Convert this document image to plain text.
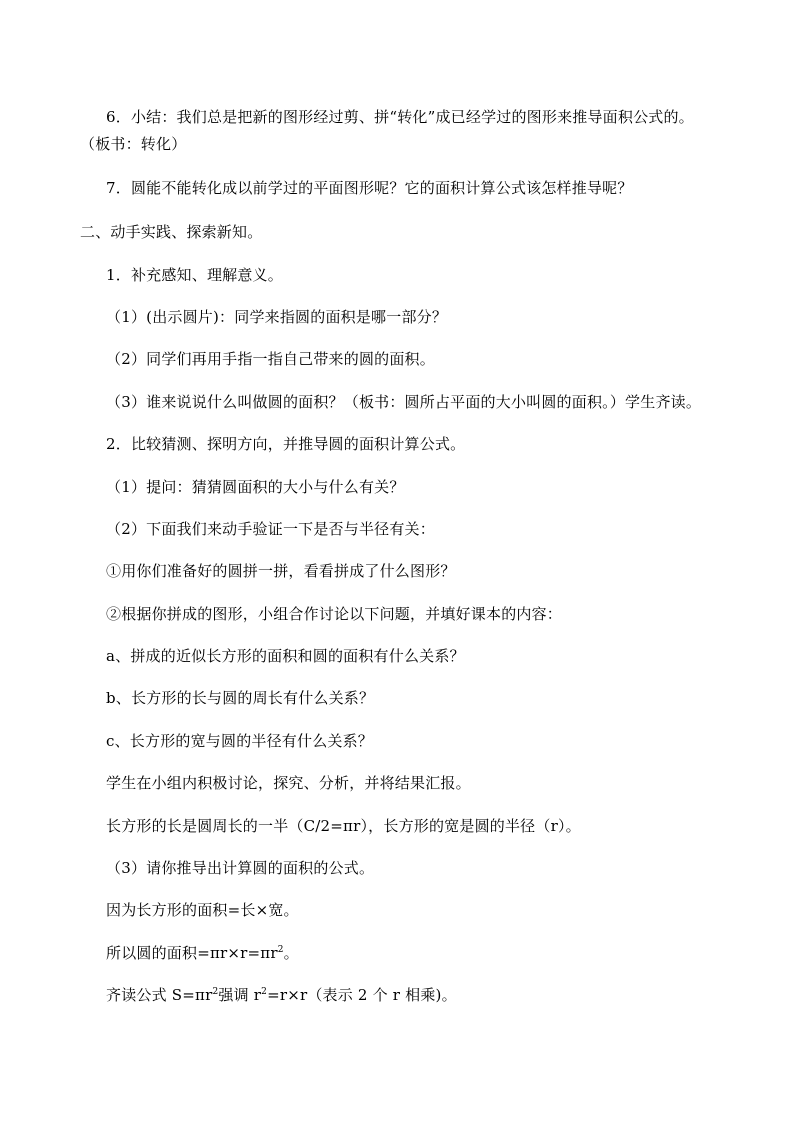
6．小结：我们总是把新的图形经过剪、拼“转化”成已经学过的图形来推导面积公式的。
（板书：转化）
7．圆能不能转化成以前学过的平面图形呢？它的面积计算公式该怎样推导呢？
二、动手实践、探索新知。
1．补充感知、理解意义。
（1）(出示圆片)：同学来指圆的面积是哪一部分？
（2）同学们再用手指一指自己带来的圆的面积。
（3）谁来说说什么叫做圆的面积？（板书：圆所占平面的大小叫圆的面积。）学生齐读。
2．比较猜测、探明方向，并推导圆的面积计算公式。
（1）提问：猜猜圆面积的大小与什么有关？
（2）下面我们来动手验证一下是否与半径有关：
①用你们准备好的圆拼一拼，看看拼成了什么图形？
②根据你拼成的图形，小组合作讨论以下问题，并填好课本的内容：
a、拼成的近似长方形的面积和圆的面积有什么关系？
b、长方形的长与圆的周长有什么关系？
c、长方形的宽与圆的半径有什么关系？
学生在小组内积极讨论，探究、分析，并将结果汇报。
长方形的长是圆周长的一半（C/2=πr），长方形的宽是圆的半径（r）。
（3）请你推导出计算圆的面积的公式。
因为长方形的面积=长×宽。
所以圆的面积$=\pi r\times r=\pi r^2$。
齐读公式 $S=\pi r^2$强调 $r^2=r\times r$（表示 2 个 r 相乘)。
